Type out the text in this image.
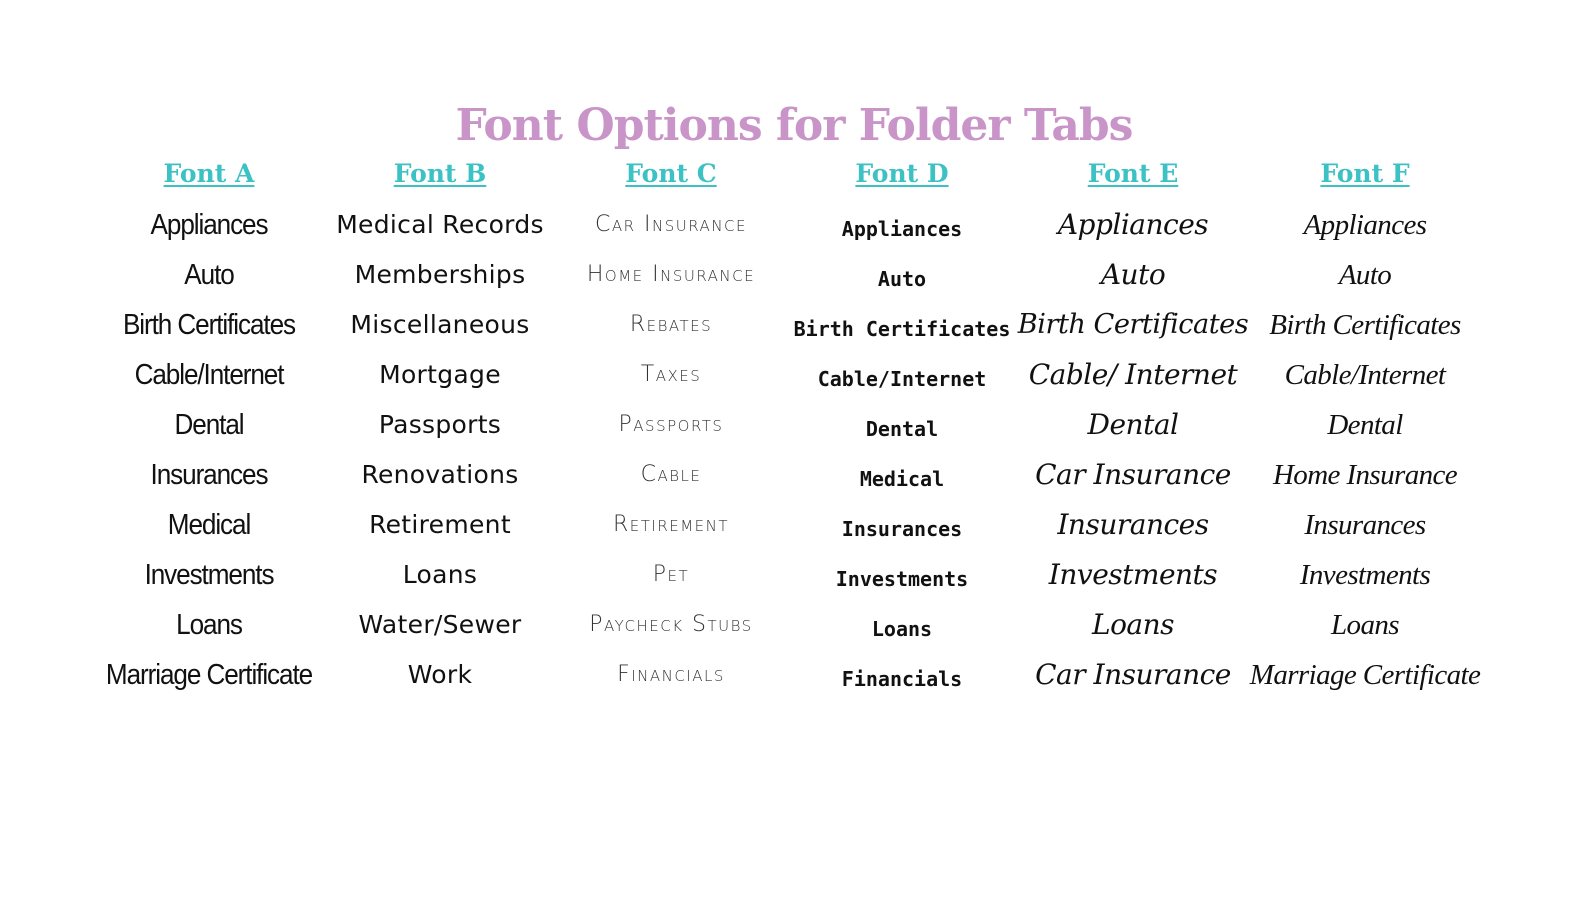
Font Options for Folder Tabs
Font A
Appliances
Auto
Birth Certificates
Cable/Internet
Dental
Insurances
Medical
Investments
Loans
Marriage Certificate
Font B
Medical Records
Memberships
Miscellaneous
Mortgage
Passports
Renovations
Retirement
Loans
Water/Sewer
Work
Font C
Car Insurance
Home Insurance
Rebates
Taxes
Passports
Cable
Retirement
Pet
Paycheck Stubs
Financials
Font D
Appliances
Auto
Birth Certificates
Cable/Internet
Dental
Medical
Insurances
Investments
Loans
Financials
Font E
Appliances
Auto
Birth Certificates
Cable/ Internet
Dental
Car Insurance
Insurances
Investments
Loans
Car Insurance
Font F
Appliances
Auto
Birth Certificates
Cable/Internet
Dental
Home Insurance
Insurances
Investments
Loans
Marriage Certificate
